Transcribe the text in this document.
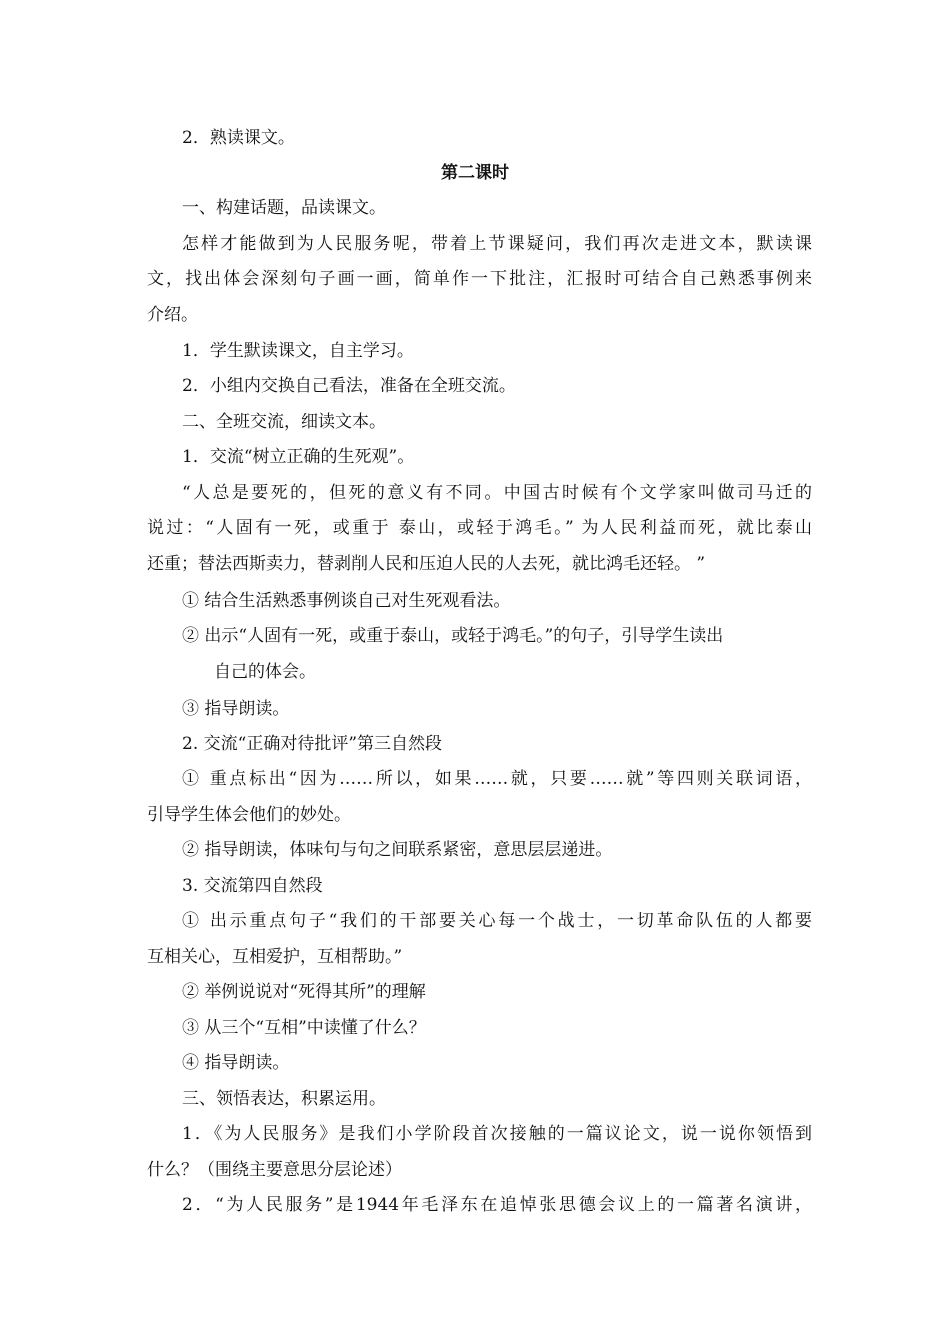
2．熟读课文。
第二课时
一、构建话题，品读课文。
怎样才能做到为人民服务呢，带着上节课疑问，我们再次走进文本，默读课
文，找出体会深刻句子画一画，简单作一下批注，汇报时可结合自己熟悉事例来
介绍。
1．学生默读课文，自主学习。
2．小组内交换自己看法，准备在全班交流。
二、全班交流，细读文本。
1．交流“树立正确的生死观”。
“人总是要死的，但死的意义有不同。中国古时候有个文学家叫做司马迁的
说过：“人固有一死，或重于 泰山，或轻于鸿毛。” 为人民利益而死，就比泰山
还重；替法西斯卖力，替剥削人民和压迫人民的人去死，就比鸿毛还轻。 ”
① 结合生活熟悉事例谈自己对生死观看法。
② 出示“人固有一死，或重于泰山，或轻于鸿毛。”的句子，引导学生读出
自己的体会。
③ 指导朗读。
2. 交流“正确对待批评”第三自然段
① 重点标出“因为……所以，如果……就，只要……就”等四则关联词语，
引导学生体会他们的妙处。
② 指导朗读，体味句与句之间联系紧密，意思层层递进。
3. 交流第四自然段
① 出示重点句子“我们的干部要关心每一个战士，一切革命队伍的人都要
互相关心，互相爱护，互相帮助。”
② 举例说说对“死得其所”的理解
③ 从三个“互相”中读懂了什么？
④ 指导朗读。
三、领悟表达，积累运用。
1．《为人民服务》是我们小学阶段首次接触的一篇议论文，说一说你领悟到
什么？（围绕主要意思分层论述）
2．“为人民服务”是1944年毛泽东在追悼张思德会议上的一篇著名演讲，
